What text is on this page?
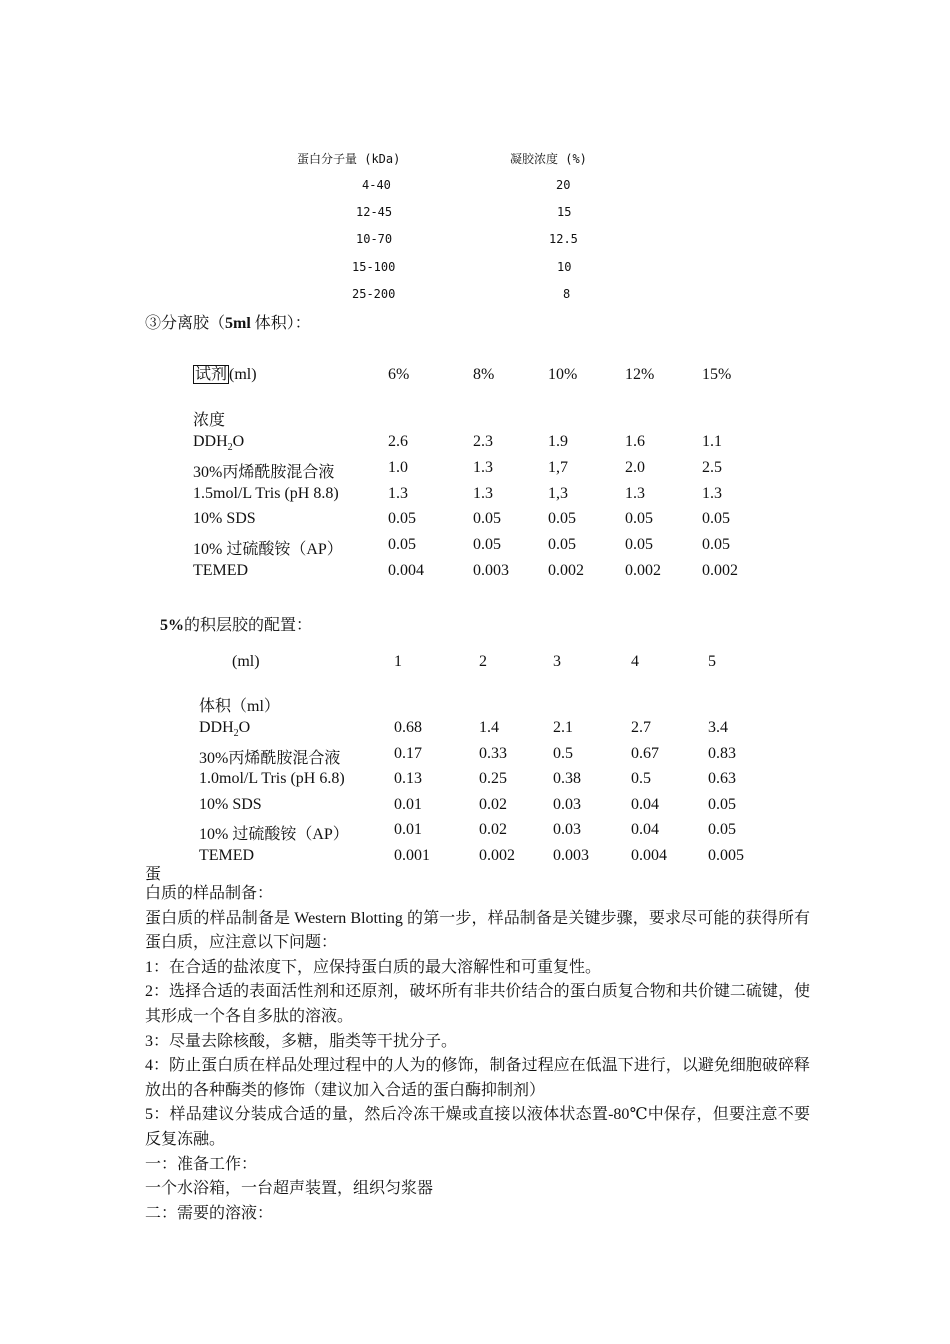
蛋白分子量 (kDa)	凝胶浓度 (%)
4-40	20
12-45	15
10-70	12.5
15-100	10
25-200	8
③分离胶（5ml 体积）：
试剂 (ml)	6%	8%	10%	12%	15%
浓度
$DDH_2O$	2.6	2.3	1.9	1.6	1.1
30%丙烯酰胺混合液	1.0	1.3	1,7	2.0	2.5
1.5mol/L Tris (pH 8.8)	1.3	1.3	1,3	1.3	1.3
10% SDS	0.05	0.05	0.05	0.05	0.05
10% 过硫酸铵（AP）	0.05	0.05	0.05	0.05	0.05
TEMED	0.004	0.003 0.002	0.002	0.002
5%的积层胶的配置：
(ml)	1	2	3	4	5
体积（ml）
$DDH_2O$	0.68	1.4	2.1	2.7	3.4
30%丙烯酰胺混合液	0.17	0.33	0.5	0.67	0.83
1.0mol/L Tris (pH 6.8)	0.13	0.25	0.38	0.5	0.63
10% SDS	0.01	0.02	0.03	0.04	0.05
10% 过硫酸铵（AP）	0.01	0.02	0.03	0.04	0.05
TEMED	0.001	0.002 0.003	0.004	0.005
蛋

白质的样品制备：

蛋白质的样品制备是 Western Blotting 的第一步，样品制备是关键步骤，要求尽可能的获得所有蛋白质，应注意以下问题：

1：在合适的盐浓度下，应保持蛋白质的最大溶解性和可重复性。

2：选择合适的表面活性剂和还原剂，破坏所有非共价结合的蛋白质复合物和共价键二硫键，使其形成一个各自多肽的溶液。

3：尽量去除核酸，多糖，脂类等干扰分子。

4：防止蛋白质在样品处理过程中的人为的修饰，制备过程应在低温下进行，以避免细胞破碎释放出的各种酶类的修饰（建议加入合适的蛋白酶抑制剂）

5：样品建议分装成合适的量，然后冷冻干燥或直接以液体状态置-80℃中保存，但要注意不要反复冻融。

一：准备工作：

一个水浴箱，一台超声装置，组织匀浆器

二：需要的溶液：
